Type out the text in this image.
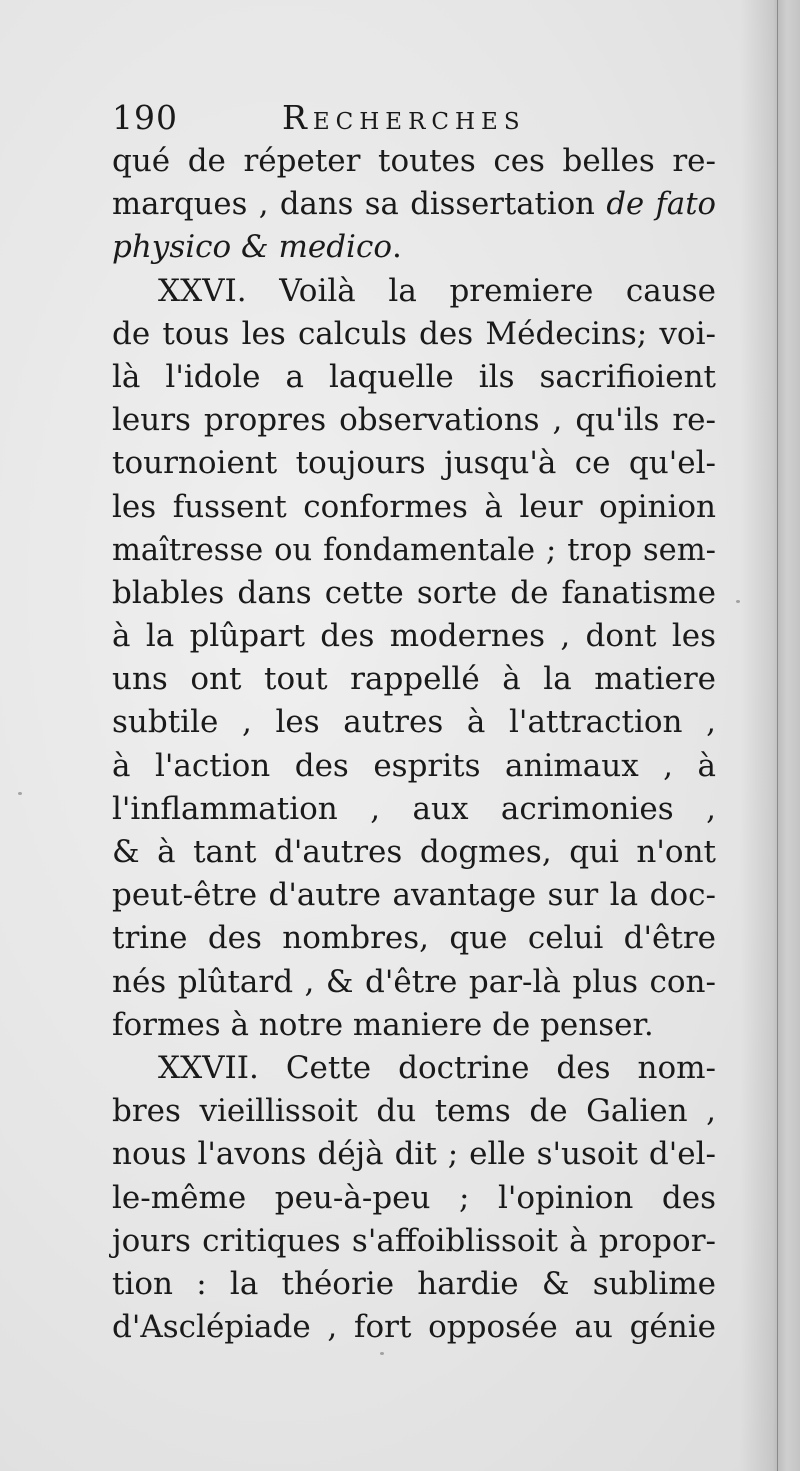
190	Recherches
qué de répeter toutes ces belles re-
marques , dans sa dissertation de fato
physico & medico.
XXVI. Voilà la premiere cause
de tous les calculs des Médecins; voi-
là l'idole a laquelle ils sacrifioient
leurs propres observations , qu'ils re-
tournoient toujours jusqu'à ce qu'el-
les fussent conformes à leur opinion
maîtresse ou fondamentale ; trop sem-
blables dans cette sorte de fanatisme
à la plûpart des modernes , dont les
uns ont tout rappellé à la matiere
subtile , les autres à l'attraction ,
à l'action des esprits animaux , à
l'inflammation , aux acrimonies ,
& à tant d'autres dogmes, qui n'ont
peut-être d'autre avantage sur la doc-
trine des nombres, que celui d'être
nés plûtard , & d'être par-là plus con-
formes à notre maniere de penser.
XXVII. Cette doctrine des nom-
bres vieillissoit du tems de Galien ,
nous l'avons déjà dit ; elle s'usoit d'el-
le-même peu-à-peu ; l'opinion des
jours critiques s'affoiblissoit à propor-
tion : la théorie hardie & sublime
d'Asclépiade , fort opposée au génie
